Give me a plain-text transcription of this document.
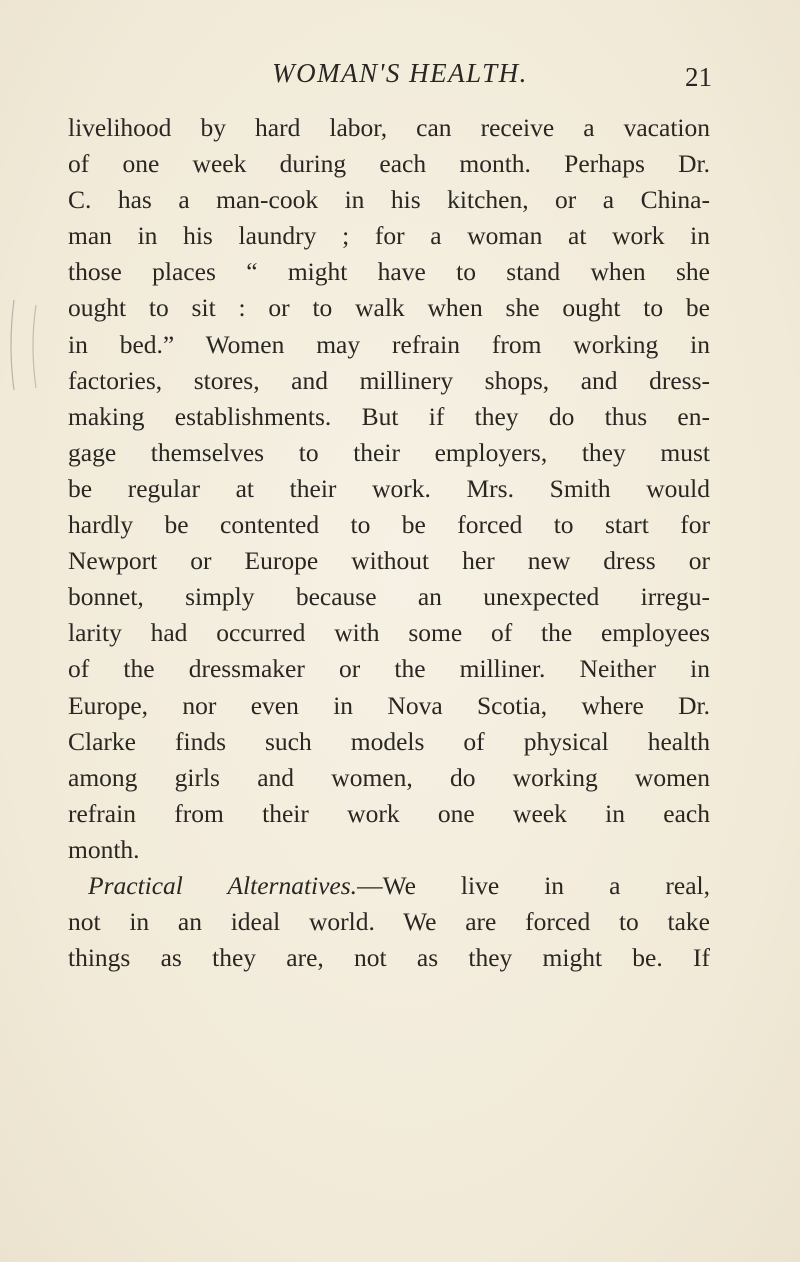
WOMAN'S HEALTH.	21
livelihood by hard labor, can receive a vacation
of one week during each month. Perhaps Dr.
C. has a man-cook in his kitchen, or a China-
man in his laundry ; for a woman at work in
those places “ might have to stand when she
ought to sit : or to walk when she ought to be
in bed.” Women may refrain from working in
factories, stores, and millinery shops, and dress-
making establishments. But if they do thus en-
gage themselves to their employers, they must
be regular at their work. Mrs. Smith would
hardly be contented to be forced to start for
Newport or Europe without her new dress or
bonnet, simply because an unexpected irregu-
larity had occurred with some of the employees
of the dressmaker or the milliner. Neither in
Europe, nor even in Nova Scotia, where Dr.
Clarke finds such models of physical health
among girls and women, do working women
refrain from their work one week in each
month.
Practical Alternatives.—We live in a real,
not in an ideal world. We are forced to take
things as they are, not as they might be. If
